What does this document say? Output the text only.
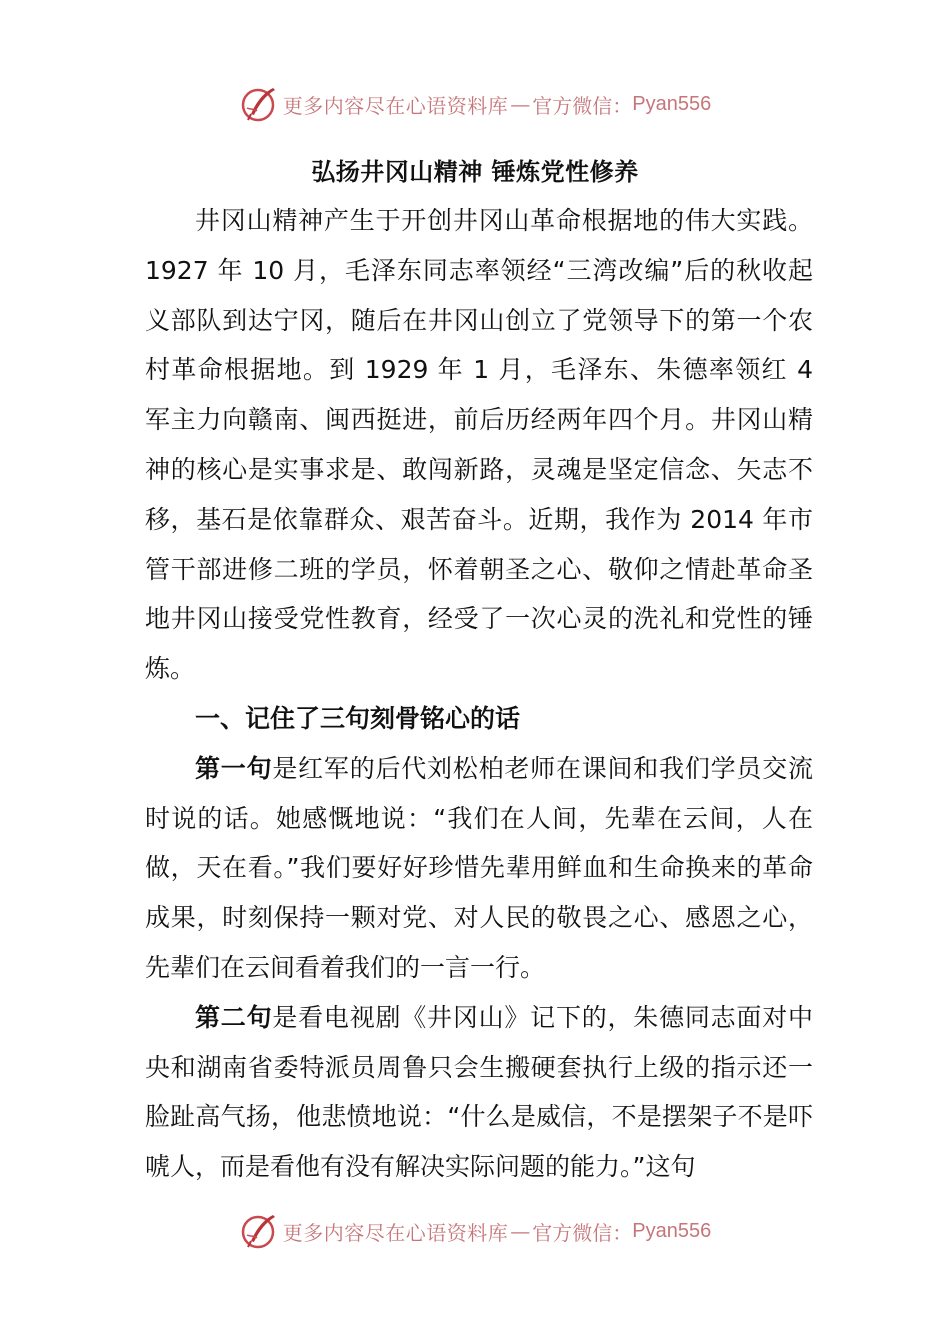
更多内容尽在心语资料库 — 官方微信： Pyan556
弘扬井冈山精神 锤炼党性修养

井冈山精神产生于开创井冈山革命根据地的伟大实践。1927 年 10 月，毛泽东同志率领经“三湾改编”后的秋收起义部队到达宁冈，随后在井冈山创立了党领导下的第一个农村革命根据地。到 1929 年 1 月，毛泽东、朱德率领红 4 军主力向赣南、闽西挺进，前后历经两年四个月。井冈山精神的核心是实事求是、敢闯新路，灵魂是坚定信念、矢志不移，基石是依靠群众、艰苦奋斗。近期，我作为 2014 年市管干部进修二班的学员，怀着朝圣之心、敬仰之情赴革命圣地井冈山接受党性教育，经受了一次心灵的洗礼和党性的锤炼。

一、记住了三句刻骨铭心的话

第一句是红军的后代刘松柏老师在课间和我们学员交流时说的话。她感慨地说：“我们在人间，先辈在云间，人在做，天在看。”我们要好好珍惜先辈用鲜血和生命换来的革命成果，时刻保持一颗对党、对人民的敬畏之心、感恩之心，先辈们在云间看着我们的一言一行。

第二句是看电视剧《井冈山》记下的，朱德同志面对中央和湖南省委特派员周鲁只会生搬硬套执行上级的指示还一脸趾高气扬，他悲愤地说：“什么是威信，不是摆架子不是吓唬人，而是看他有没有解决实际问题的能力。”这句

更多内容尽在心语资料库 — 官方微信： Pyan556
